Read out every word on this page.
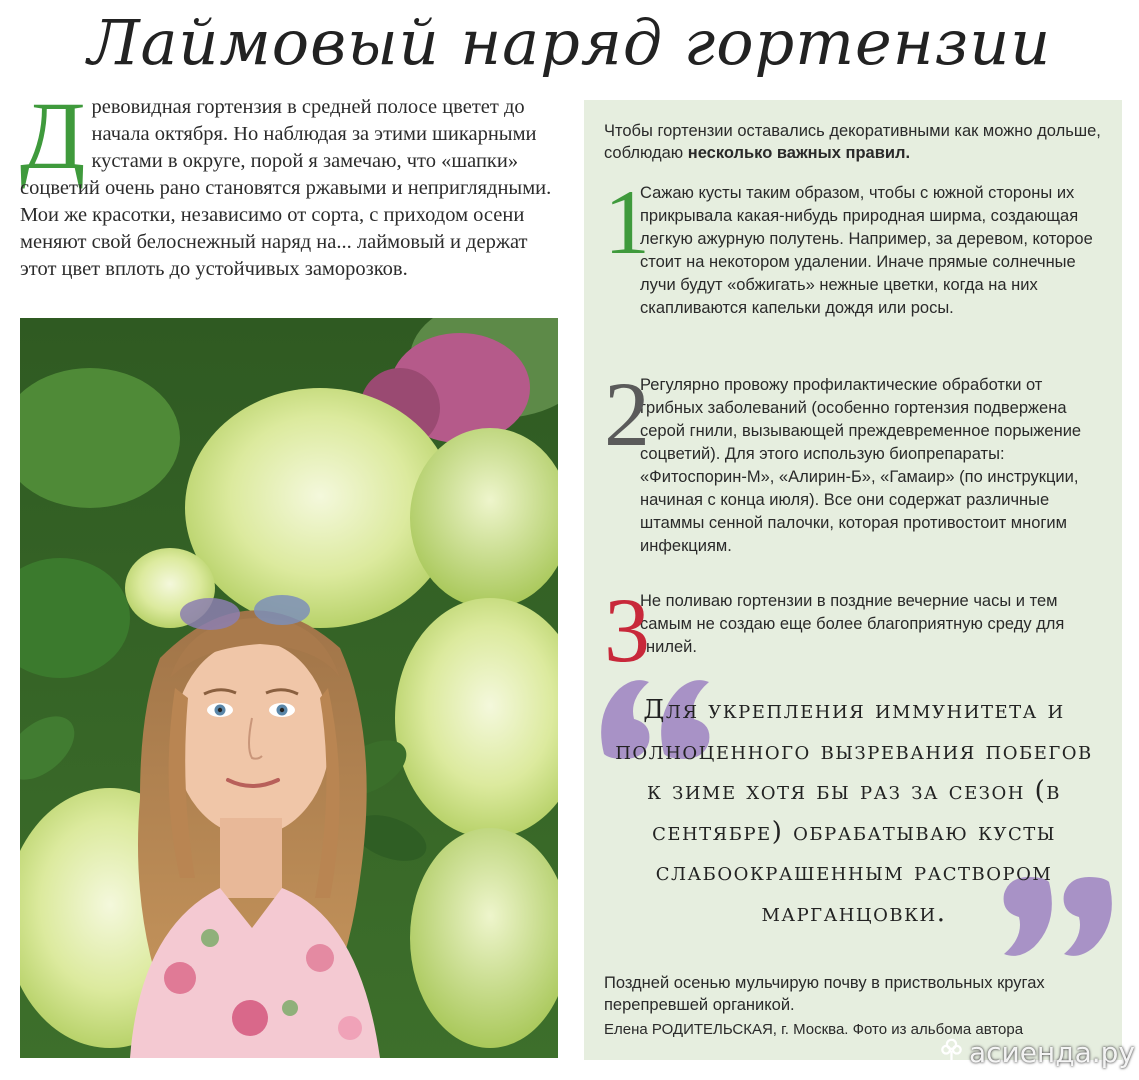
Лаймовый наряд гортензии
Древовидная гортензия в средней полосе цветет до начала октября. Но наблюдая за этими шикарными кустами в округе, порой я замечаю, что «шапки» соцветий очень рано становятся ржавыми и неприглядными. Мои же красотки, независимо от сорта, с приходом осени меняют свой белоснежный наряд на... лаймовый и держат этот цвет вплоть до устойчивых заморозков.
Чтобы гортензии оставались декоративными как можно дольше, соблюдаю несколько важных правил.
1
Сажаю кусты таким образом, чтобы с южной стороны их прикрывала какая-нибудь природная ширма, создающая легкую ажурную полутень. Например, за деревом, которое стоит на некотором удалении. Иначе прямые солнечные лучи будут «обжигать» нежные цветки, когда на них скапливаются капельки дождя или росы.
2
Регулярно провожу профилактические обработки от грибных заболеваний (особенно гортензия подвержена серой гнили, вызывающей преждевременное порыжение соцветий). Для этого использую биопрепараты: «Фитоспорин-М», «Алирин-Б», «Гамаир» (по инструкции, начиная с конца июля). Все они содержат различные штаммы сенной палочки, которая противостоит многим инфекциям.
3
Не поливаю гортензии в поздние вечерние часы и тем самым не создаю еще более благоприятную среду для гнилей.
Для укрепления иммунитета и полноценного вызревания побегов к зиме хотя бы раз за сезон (в сентябре) обрабатываю кусты слабоокрашенным раствором марганцовки.
Поздней осенью мульчирую почву в приствольных кругах перепревшей органикой.
Елена РОДИТЕЛЬСКАЯ, г. Москва. Фото из альбома автора
асиенда.ру
